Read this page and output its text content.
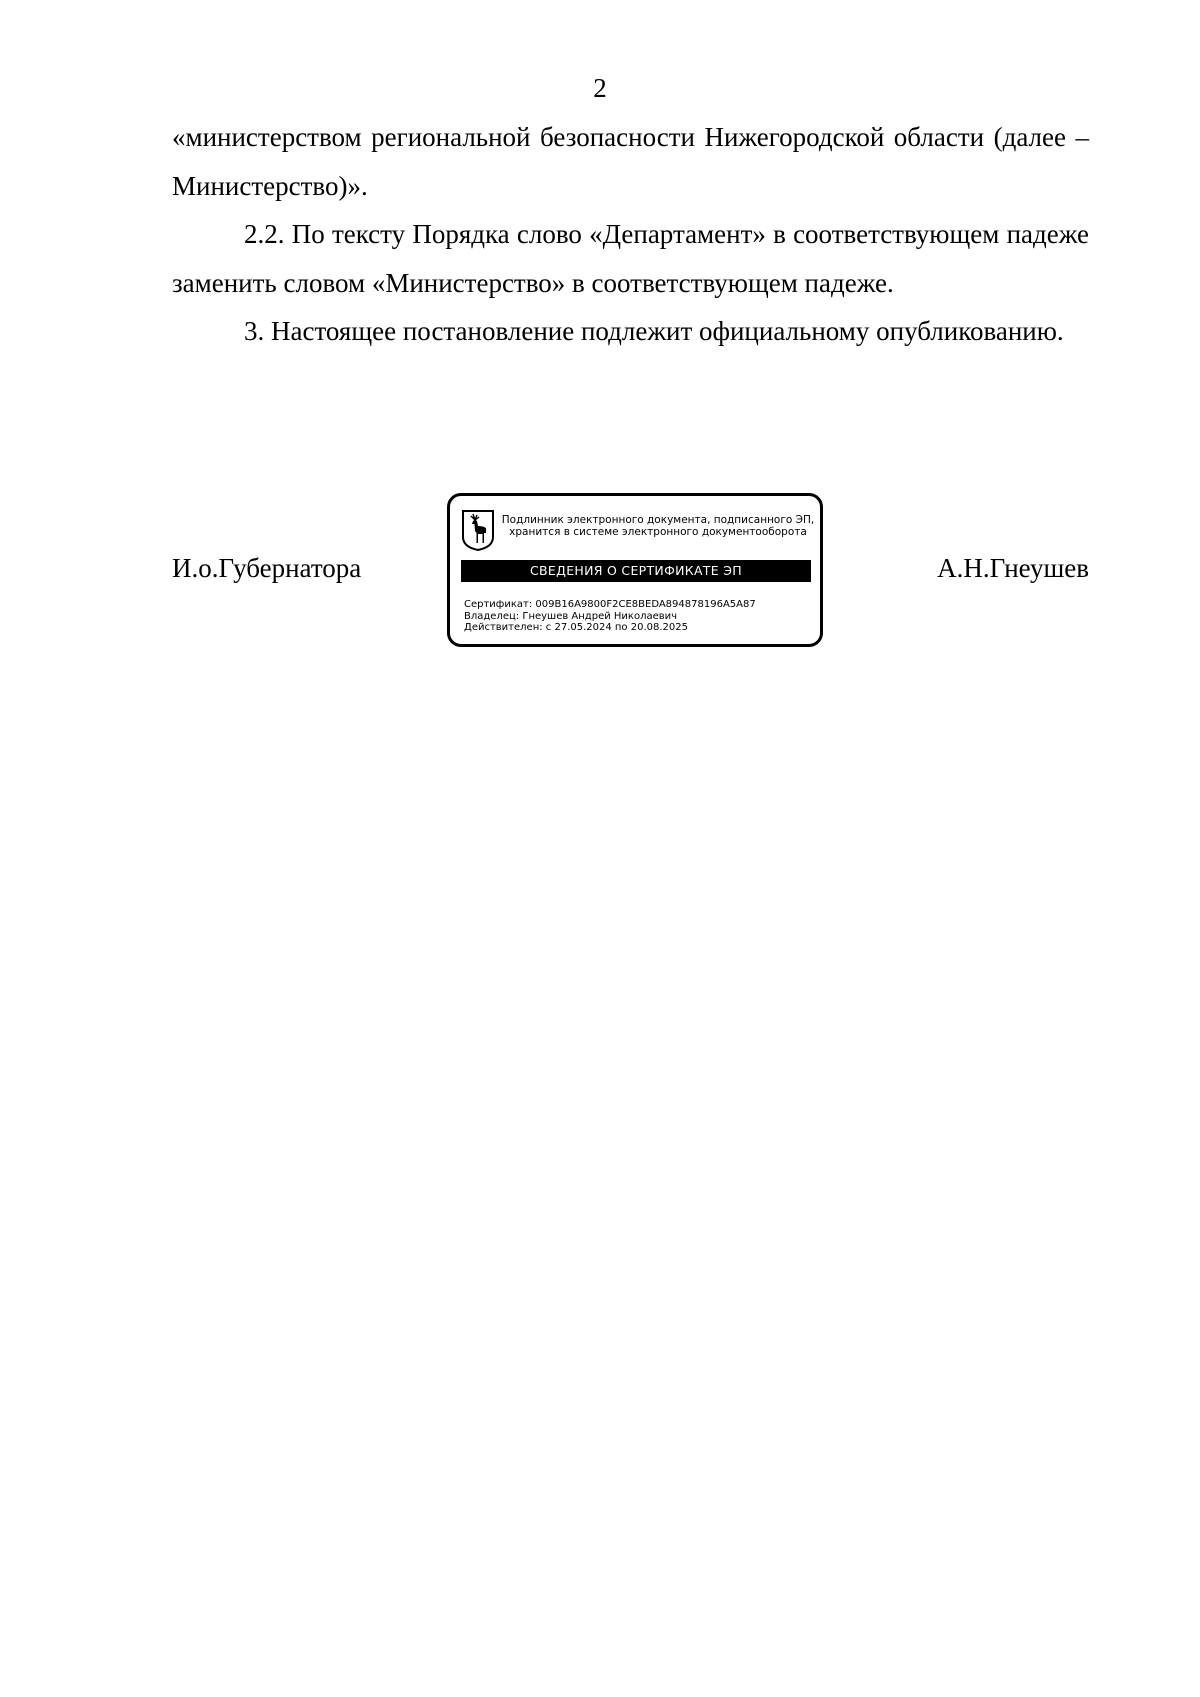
2

«министерством региональной безопасности Нижегородской области (далее – Министерство)».

2.2. По тексту Порядка слово «Департамент» в соответствующем падеже заменить словом «Министерство» в соответствующем падеже.

3. Настоящее постановление подлежит официальному опубликованию.

И.о.Губернатора
Подлинник электронного документа, подписанного ЭП,
хранится в системе электронного документооборота
СВЕДЕНИЯ О СЕРТИФИКАТЕ ЭП
Сертификат: 009B16A9800F2CE8BEDA894878196A5A87
Владелец: Гнеушев Андрей Николаевич
Действителен: с 27.05.2024 по 20.08.2025
А.Н.Гнеушев
